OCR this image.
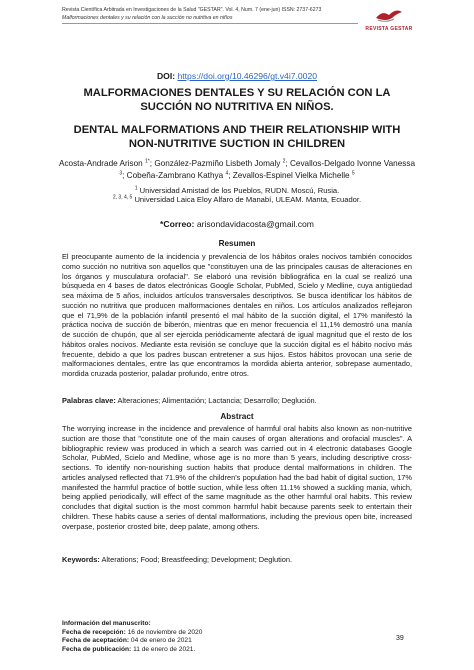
Revista Científica Arbitrada en Investigaciones de la Salud "GESTAR". Vol. 4, Num. 7 (ene-jun) ISSN: 2737-6273
Malformaciones dentales y su relación con la succión no nutritiva en niños
REVISTA GESTAR
DOI: https://doi.org/10.46296/gt.v4i7.0020
MALFORMACIONES DENTALES Y SU RELACIÓN CON LA SUCCIÓN NO NUTRITIVA EN NIÑOS.
DENTAL MALFORMATIONS AND THEIR RELATIONSHIP WITH NON-NUTRITIVE SUCTION IN CHILDREN
Acosta-Andrade Arison $^{1*}$; González-Pazmiño Lisbeth Jomaly $^2$; Cevallos-Delgado Ivonne Vanessa $^3$; Cobeña-Zambrano Kathya $^4$; Zevallos-Espinel Vielka Michelle $^5$
$^1$ Universidad Amistad de los Pueblos, RUDN. Moscú, Rusia.
$^{2, 3, 4, 5}$ Universidad Laica Eloy Alfaro de Manabí, ULEAM. Manta, Ecuador.
*Correo: arisondavidacosta@gmail.com
Resumen
El preocupante aumento de la incidencia y prevalencia de los hábitos orales nocivos también conocidos como succión no nutritiva son aquellos que "constituyen una de las principales causas de alteraciones en los órganos y musculatura orofacial". Se elaboró una revisión bibliográfica en la cual se realizó una búsqueda en 4 bases de datos electrónicas Google Scholar, PubMed, Scielo y Medline, cuya antigüedad sea máxima de 5 años, incluidos artículos transversales descriptivos. Se busca identificar los hábitos de succión no nutritiva que producen malformaciones dentales en niños. Los artículos analizados reflejaron que el 71,9% de la población infantil presentó el mal hábito de la succión digital, el 17% manifestó la práctica nociva de succión de biberón, mientras que en menor frecuencia el 11,1% demostró una manía de succión de chupón, que al ser ejercida periódicamente afectará de igual magnitud que el resto de los hábitos orales nocivos. Mediante esta revisión se concluye que la succión digital es el hábito nocivo más frecuente, debido a que los padres buscan entretener a sus hijos. Estos hábitos provocan una serie de malformaciones dentales, entre las que encontramos la mordida abierta anterior, sobrepase aumentado, mordida cruzada posterior, paladar profundo, entre otros.
Palabras clave: Alteraciones; Alimentación; Lactancia; Desarrollo; Deglución.
Abstract
The worrying increase in the incidence and prevalence of harmful oral habits also known as non-nutritive suction are those that "constitute one of the main causes of organ alterations and orofacial muscles". A bibliographic review was produced in which a search was carried out in 4 electronic databases Google Scholar, PubMed, Scielo and Medline, whose age is no more than 5 years, including descriptive cross-sections. To identify non-nourishing suction habits that produce dental malformations in children. The articles analysed reflected that 71.9% of the children's population had the bad habit of digital suction, 17% manifested the harmful practice of bottle suction, while less often 11.1% showed a suckling mania, which, being applied periodically, will effect of the same magnitude as the other harmful oral habits. This review concludes that digital suction is the most common harmful habit because parents seek to entertain their children. These habits cause a series of dental malformations, including the previous open bite, increased overpase, posterior crosted bite, deep palate, among others.
Keywords: Alterations; Food; Breastfeeding; Development; Deglution.
Información del manuscrito:
Fecha de recepción: 16 de noviembre de 2020
Fecha de aceptación: 04 de enero de 2021
Fecha de publicación: 11 de enero de 2021.
39
